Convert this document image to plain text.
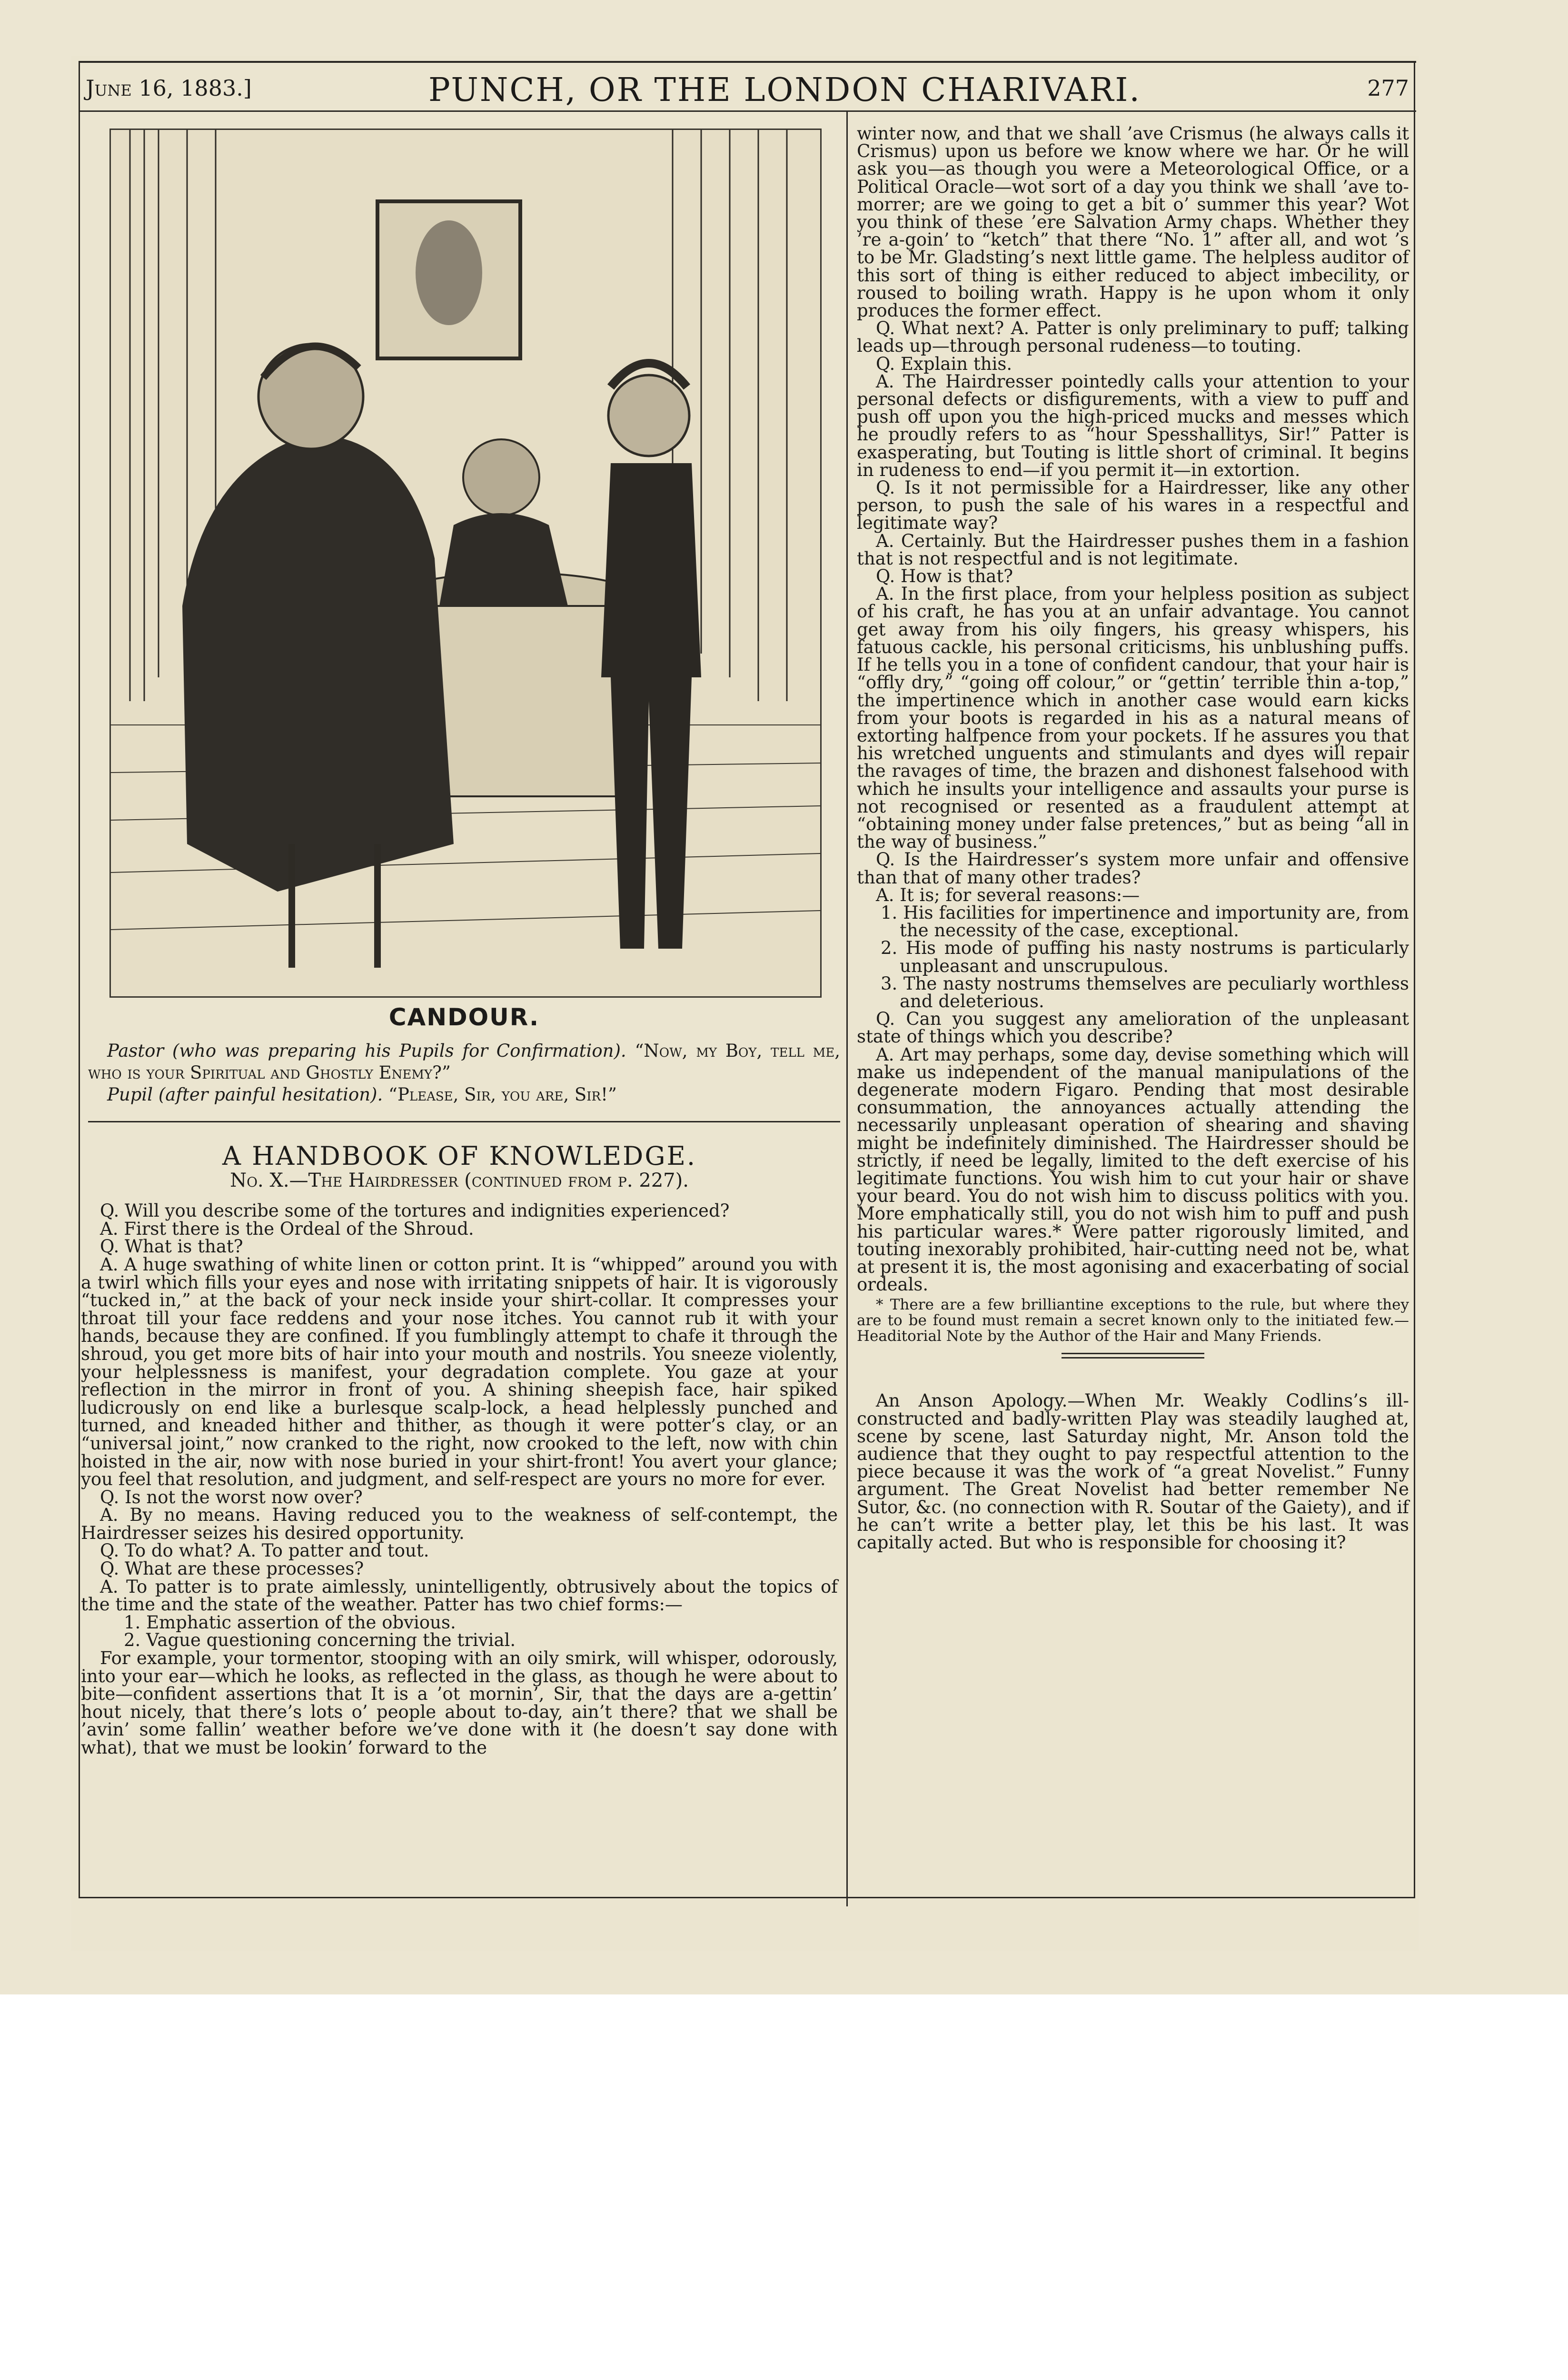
June 16, 1883.]	PUNCH, OR THE LONDON CHARIVARI.	277
CANDOUR.

Pastor (who was preparing his Pupils for Confirmation). “Now, my Boy, tell me, who is your Spiritual and Ghostly Enemy?”

Pupil (after painful hesitation). “Please, Sir, you are, Sir!”

A HANDBOOK OF KNOWLEDGE.
No. X.—The Hairdresser (continued from p. 227).

Q. Will you describe some of the tortures and indignities experienced?

A. First there is the Ordeal of the Shroud.

Q. What is that?

A. A huge swathing of white linen or cotton print. It is “whipped” around you with a twirl which fills your eyes and nose with irritating snippets of hair. It is vigorously “tucked in,” at the back of your neck inside your shirt-collar. It compresses your throat till your face reddens and your nose itches. You cannot rub it with your hands, because they are confined. If you fumblingly attempt to chafe it through the shroud, you get more bits of hair into your mouth and nostrils. You sneeze violently, your helplessness is manifest, your degradation complete. You gaze at your reflection in the mirror in front of you. A shining sheepish face, hair spiked ludicrously on end like a burlesque scalp-lock, a head helplessly punched and turned, and kneaded hither and thither, as though it were potter’s clay, or an “universal joint,” now cranked to the right, now crooked to the left, now with chin hoisted in the air, now with nose buried in your shirt-front! You avert your glance; you feel that resolution, and judgment, and self-respect are yours no more for ever.

Q. Is not the worst now over?

A. By no means. Having reduced you to the weakness of self-contempt, the Hairdresser seizes his desired opportunity.

Q. To do what? A. To patter and tout.

Q. What are these processes?

A. To patter is to prate aimlessly, unintelligently, obtrusively about the topics of the time and the state of the weather. Patter has two chief forms:—

1. Emphatic assertion of the obvious.

2. Vague questioning concerning the trivial.

For example, your tormentor, stooping with an oily smirk, will whisper, odorously, into your ear—which he looks, as reflected in the glass, as though he were about to bite—confident assertions that It is a ’ot mornin’, Sir, that the days are a-gettin’ hout nicely, that there’s lots o’ people about to-day, ain’t there? that we shall be ’avin’ some fallin’ weather before we’ve done with it (he doesn’t say done with what), that we must be lookin’ forward to the

winter now, and that we shall ’ave Crismus (he always calls it Crismus) upon us before we know where we har. Or he will ask you—as though you were a Meteorological Office, or a Political Oracle—wot sort of a day you think we shall ’ave to-morrer; are we going to get a bit o’ summer this year? Wot you think of these ’ere Salvation Army chaps. Whether they ’re a-goin’ to “ketch” that there “No. 1” after all, and wot ’s to be Mr. Gladsting’s next little game. The helpless auditor of this sort of thing is either reduced to abject imbecility, or roused to boiling wrath. Happy is he upon whom it only produces the former effect.

Q. What next? A. Patter is only preliminary to puff; talking leads up—through personal rudeness—to touting.

Q. Explain this.

A. The Hairdresser pointedly calls your attention to your personal defects or disfigurements, with a view to puff and push off upon you the high-priced mucks and messes which he proudly refers to as “hour Spesshallitys, Sir!” Patter is exasperating, but Touting is little short of criminal. It begins in rudeness to end—if you permit it—in extortion.

Q. Is it not permissible for a Hairdresser, like any other person, to push the sale of his wares in a respectful and legitimate way?

A. Certainly. But the Hairdresser pushes them in a fashion that is not respectful and is not legitimate.

Q. How is that?

A. In the first place, from your helpless position as subject of his craft, he has you at an unfair advantage. You cannot get away from his oily fingers, his greasy whispers, his fatuous cackle, his personal criticisms, his unblushing puffs. If he tells you in a tone of confident candour, that your hair is “offly dry,” “going off colour,” or “gettin’ terrible thin a-top,” the impertinence which in another case would earn kicks from your boots is regarded in his as a natural means of extorting halfpence from your pockets. If he assures you that his wretched unguents and stimulants and dyes will repair the ravages of time, the brazen and dishonest falsehood with which he insults your intelligence and assaults your purse is not recognised or resented as a fraudulent attempt at “obtaining money under false pretences,” but as being “all in the way of business.”

Q. Is the Hairdresser’s system more unfair and offensive than that of many other trades?

A. It is; for several reasons:—

1. His facilities for impertinence and importunity are, from the necessity of the case, exceptional.

2. His mode of puffing his nasty nostrums is particularly unpleasant and unscrupulous.

3. The nasty nostrums themselves are peculiarly worthless and deleterious.

Q. Can you suggest any amelioration of the unpleasant state of things which you describe?

A. Art may perhaps, some day, devise something which will make us independent of the manual manipulations of the degenerate modern Figaro. Pending that most desirable consummation, the annoyances actually attending the necessarily unpleasant operation of shearing and shaving might be indefinitely diminished. The Hairdresser should be strictly, if need be legally, limited to the deft exercise of his legitimate functions. You wish him to cut your hair or shave your beard. You do not wish him to discuss politics with you. More emphatically still, you do not wish him to puff and push his particular wares.* Were patter rigorously limited, and touting inexorably prohibited, hair-cutting need not be, what at present it is, the most agonising and exacerbating of social ordeals.

* There are a few brilliantine exceptions to the rule, but where they are to be found must remain a secret known only to the initiated few.—Headitorial Note by the Author of the Hair and Many Friends.

An Anson Apology.—When Mr. Weakly Codlins’s ill-constructed and badly-written Play was steadily laughed at, scene by scene, last Saturday night, Mr. Anson told the audience that they ought to pay respectful attention to the piece because it was the work of “a great Novelist.” Funny argument. The Great Novelist had better remember Ne Sutor, &c. (no connection with R. Soutar of the Gaiety), and if he can’t write a better play, let this be his last. It was capitally acted. But who is responsible for choosing it?
